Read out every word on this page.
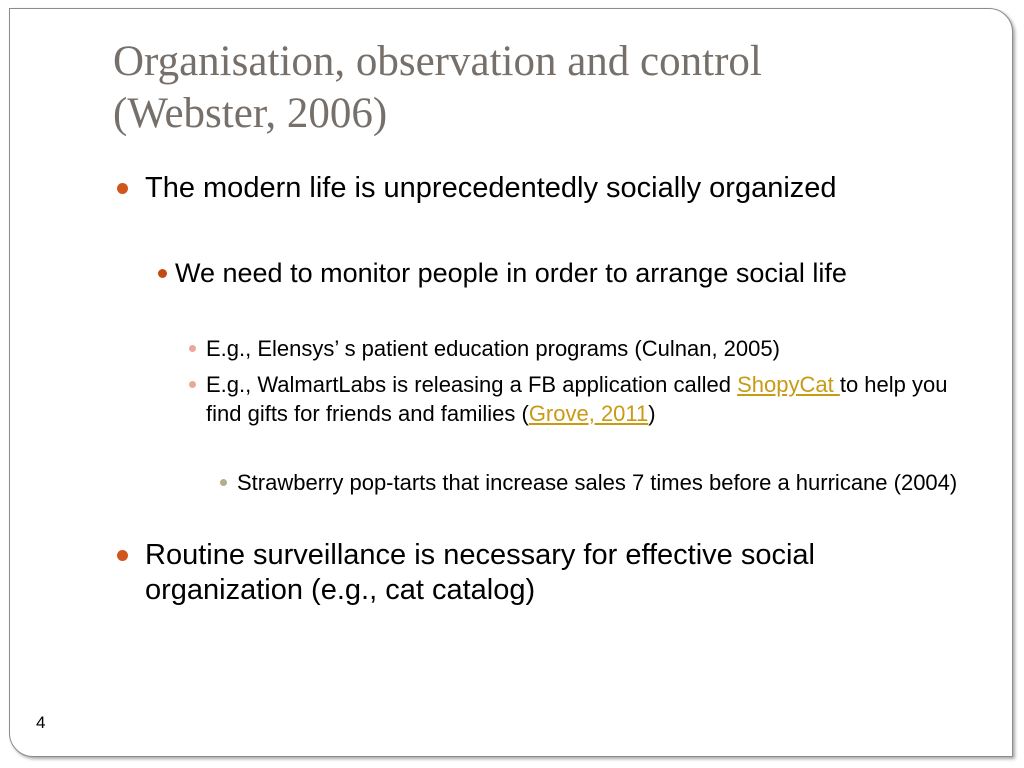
Organisation, observation and control
(Webster, 2006)
The modern life is unprecedentedly socially organized
We need to monitor people in order to arrange social life
E.g., Elensys’ s patient education programs (Culnan, 2005)
E.g., WalmartLabs is releasing a FB application called ShopyCat to help you find gifts for friends and families (Grove, 2011)
Strawberry pop-tarts that increase sales 7 times before a hurricane (2004)
Routine surveillance is necessary for effective social organization (e.g., cat catalog)
4
